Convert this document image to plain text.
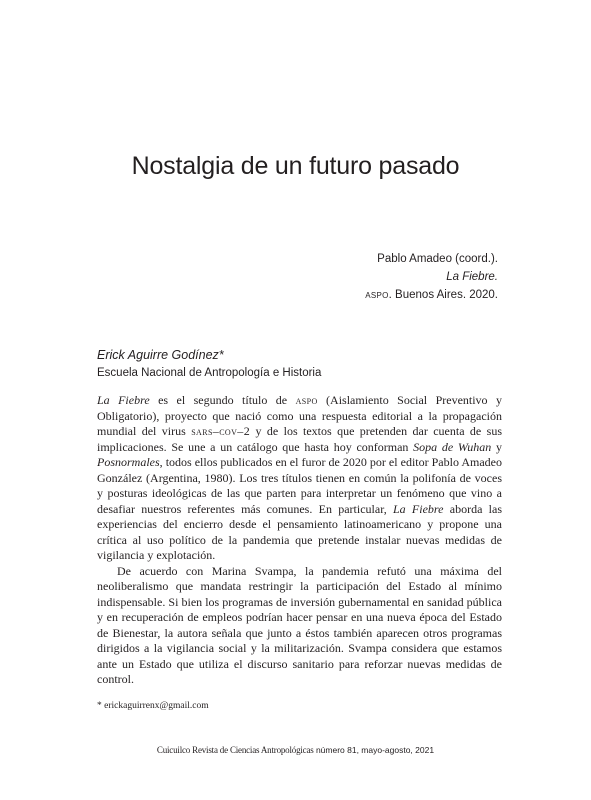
Nostalgia de un futuro pasado
Pablo Amadeo (coord.).
La Fiebre.
aspo. Buenos Aires. 2020.
Erick Aguirre Godínez*
Escuela Nacional de Antropología e Historia

La Fiebre es el segundo título de aspo (Aislamiento Social Preventivo y Obligatorio), proyecto que nació como una respuesta editorial a la propagación mundial del virus sars–cov–2 y de los textos que pretenden dar cuenta de sus implicaciones. Se une a un catálogo que hasta hoy conforman Sopa de Wuhan y Posnormales, todos ellos publicados en el furor de 2020 por el editor Pablo Amadeo González (Argentina, 1980). Los tres títulos tienen en común la polifonía de voces y posturas ideológicas de las que parten para interpretar un fenómeno que vino a desafiar nuestros referentes más comunes. En particular, La Fiebre aborda las experiencias del encierro desde el pensamiento latinoamericano y propone una crítica al uso político de la pandemia que pretende instalar nuevas medidas de vigilancia y explotación.

De acuerdo con Marina Svampa, la pandemia refutó una máxima del neoliberalismo que mandata restringir la participación del Estado al mínimo indispensable. Si bien los programas de inversión gubernamental en sanidad pública y en recuperación de empleos podrían hacer pensar en una nueva época del Estado de Bienestar, la autora señala que junto a éstos también aparecen otros programas dirigidos a la vigilancia social y la militarización. Svampa considera que estamos ante un Estado que utiliza el discurso sanitario para reforzar nuevas medidas de control.

* erickaguirrenx@gmail.com
Cuicuilco Revista de Ciencias Antropológicas número 81, mayo-agosto, 2021
